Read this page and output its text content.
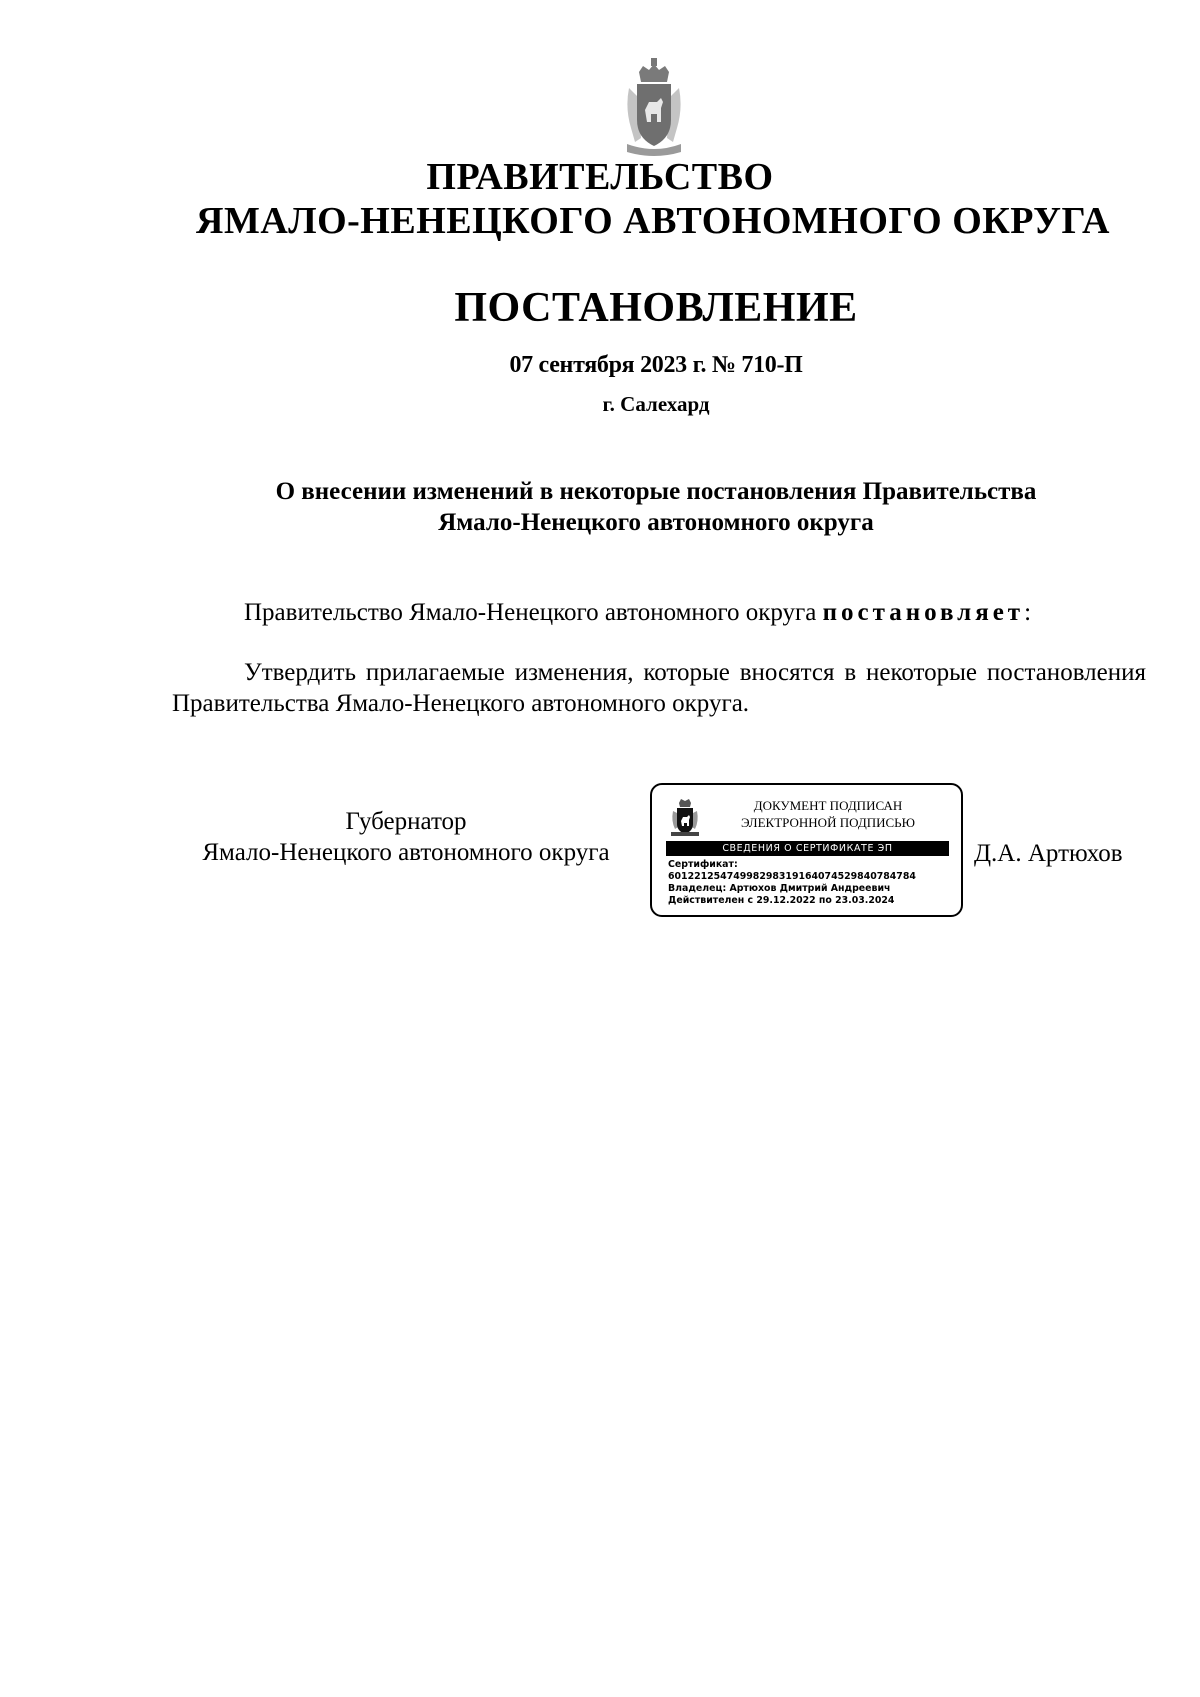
ПРАВИТЕЛЬСТВО
ЯМАЛО-НЕНЕЦКОГО АВТОНОМНОГО ОКРУГА
ПОСТАНОВЛЕНИЕ
07 сентября 2023 г. № 710-П
г. Салехард
О внесении изменений в некоторые постановления Правительства
Ямало-Ненецкого автономного округа
Правительство Ямало-Ненецкого автономного округа постановляет:
Утвердить прилагаемые изменения, которые вносятся в некоторые постановления Правительства Ямало-Ненецкого автономного округа.
Губернатор
Ямало-Ненецкого автономного округа
ДОКУМЕНТ ПОДПИСАН
ЭЛЕКТРОННОЙ ПОДПИСЬЮ
СВЕДЕНИЯ О СЕРТИФИКАТЕ ЭП
Сертификат:
601221254749982983191640745298407847​84
Владелец: Артюхов Дмитрий Андреевич
Действителен с 29.12.2022 по 23.03.2024
Д.А. Артюхов
